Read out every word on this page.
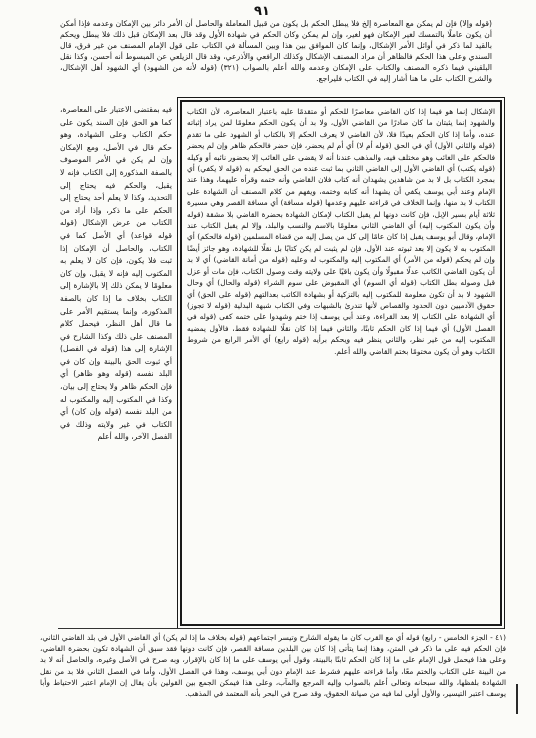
٩١

(قوله وإلا) فإن لم يمكن مع المعاصرة إلخ فلا يبطل الحكم بل يكون من قبيل المعاملة والحاصل أن الأمر دائر بين الإمكان وعدمه فإذا أمكن أن يكون عاملًا بالتمسك لغير الإمكان فهو لغير، وإن لم يمكن وكان الحكم في شهادة الأول وقد قال بعد الإمكان قبل ذلك فلا يبطل ويحكم بالقيد لما ذكر في أوائل الأمر الإشكال، وإنما كان الموافق بين هذا وبين المسألة في الكتاب على قول الإمام المصنف من غير فرق، قال السندي وعلى هذا الحكم فالظاهر أن مراد المصنف الإشكال وكذلك الرافعي والأذرعي، وقد قال الزيلعي عن المبسوط أنه أحسن، وكذا نقل البلقيني فيما ذكره المصنف والكتاب على الإمكان وعدمه والله أعلم بالصواب (٣٢١) (قوله لأنه من الشهود) أي الشهود أهل الإشكال، والشرح الكتاب على ما هنا أشار إليه في الكتاب فليراجع.

الإشكال إنما هو فيما إذا كان القاضي معاصرًا للحكم أو متقدمًا عليه باعتبار المعاصرة، لأن الكتاب والشهود إنما يثبتان ما كان صادرًا من القاضي الأول، ولا بد أن يكون الحكم معلومًا لمن يراد إثباته عنده، وأما إذا كان الحكم بعيدًا فلا، لأن القاضي لا يعرف الحكم إلا بالكتاب أو الشهود على ما تقدم (قوله والثاني الأول) أي في الحق (قوله أم لا) أي أم لم يحضر، فإن حضر فالحكم ظاهر وإن لم يحضر فالحكم على الغائب وهو مختلف فيه، والمذهب عندنا أنه لا يقضى على الغائب إلا بحضور نائبه أو وكيله (قوله يكتب) أي القاضي الأول إلى القاضي الثاني بما ثبت عنده من الحق ليحكم به (قوله لا يكفي) أي بمجرد الكتاب بل لا بد من شاهدين يشهدان أنه كتاب فلان القاضي وأنه ختمه وقرأه عليهما، وهذا عند الإمام وعند أبي يوسف يكفي أن يشهدا أنه كتابه وختمه، ويفهم من كلام المصنف أن الشهادة على الكتاب لا بد منها، وإنما الخلاف في قراءته عليهم وعدمها (قوله مسافة) أي مسافة القصر وهي مسيرة ثلاثة أيام بسير الإبل، فإن كانت دونها لم يقبل الكتاب لإمكان الشهادة بحضرة القاضي بلا مشقة (قوله وأن يكون المكتوب إليه) أي القاضي الثاني معلومًا بالاسم والنسب والبلد، وإلا لم يقبل الكتاب عند الإمام، وقال أبو يوسف يقبل إذا كان عامًا إلى كل من يصل إليه من قضاة المسلمين (قوله فالحكم) أي المكتوب به لا يكون إلا بعد ثبوته عند الأول، فإن لم يثبت لم يكن كتابًا بل نقلًا للشهادة، وهو جائز أيضًا وإن لم يحكم (قوله من الأمر) أي المكتوب إليه والمكتوب له وعليه (قوله من أمانة القاضي) أي لا بد أن يكون القاضي الكاتب عدلًا مقبولًا وأن يكون باقيًا على ولايته وقت وصول الكتاب، فإن مات أو عزل قبل وصوله بطل الكتاب (قوله أي السوم) أي المقبوض على سوم الشراء (قوله والحال) أي وحال الشهود لا بد أن تكون معلومة للمكتوب إليه بالتزكية أو بشهادة الكاتب بعدالتهم (قوله على الحق) أي حقوق الآدميين دون الحدود والقصاص لأنها تندرئ بالشبهات وفي الكتاب شبهة البدلية (قوله لا تجوز) أي الشهادة على الكتاب إلا بعد القراءة، وعند أبي يوسف إذا ختم وشهدوا على ختمه كفى (قوله في الفصل الأول) أي فيما إذا كان الحكم ثابتًا، والثاني فيما إذا كان نقلًا للشهادة فقط، فالأول يمضيه المكتوب إليه من غير نظر، والثاني ينظر فيه ويحكم برأيه (قوله رابع) أي الأمر الرابع من شروط الكتاب وهو أن يكون مختومًا بختم القاضي والله أعلم.

فيه بمقتضى الاعتبار على المعاصرة، كما هو الحق فإن السند يكون على حكم الكتاب وعلى الشهادة، وهو حكم قال في الأصل، ومع الإمكان وإن لم يكن في الأمر الموصوف بالصفة المذكورة إلى الكتاب فإنه لا يقبل، والحكم فيه يحتاج إلى التحديد، وكذا لا يعلم أحد يحتاج إلى الحكم على ما ذكر، وإذا أراد من الكتاب من عرض الإشكال (قوله قوله قواعد) أي الأصل كما في الكتاب، والحاصل أن الإمكان إذا ثبت فلا يكون، فإن كان لا يعلم به المكتوب إليه فإنه لا يقبل، وإن كان معلومًا لا يمكن ذلك إلا بالإشارة إلى الكتاب بخلاف ما إذا كان بالصفة المذكورة، وإنما يستقيم الأمر على ما قال أهل النظر، فيحمل كلام المصنف على ذلك وكذا الشارح في الإشارة إلى هذا (قوله في الفصل) أي ثبوت الحق بالبينة وإن كان في البلد نفسه (قوله وهو ظاهر) أي فإن الحكم ظاهر ولا يحتاج إلى بيان، وكذا في المكتوب إليه والمكتوب له من البلد نفسه (قوله وإن كان) أي الكتاب في غير ولايته وذلك في الفصل الآخر، والله أعلم

(٤١ - الجزء الخامس - رابع) قوله أي مع القرب كان ما يقوله الشارح وتيسر اجتماعهم (قوله بخلاف ما إذا لم يكن) أي القاضي الأول في بلد القاضي الثاني، فإن الحكم فيه على ما ذكر في المتن، وهذا إنما يتأتى إذا كان بين البلدين مسافة القصر، فإن كانت دونها فقد سبق أن الشهادة تكون بحضرة القاضي، وعلى هذا فيحمل قول الإمام على ما إذا كان الحكم ثابتًا بالبينة، وقول أبي يوسف على ما إذا كان بالإقرار، وبه صرح في الأصل وغيره، والحاصل أنه لا بد من البينة على الكتاب والختم معًا، وأما قراءته عليهم فشرط عند الإمام دون أبي يوسف، وهذا في الفصل الأول، وأما في الفصل الثاني فلا بد من نقل الشهادة بلفظها، والله سبحانه وتعالى أعلم بالصواب وإليه المرجع والمآب، وعلى هذا فيمكن الجمع بين القولين بأن يقال إن الإمام اعتبر الاحتياط وأبا يوسف اعتبر التيسير، والأول أولى لما فيه من صيانة الحقوق، وقد صرح في البحر بأنه المعتمد في المذهب.
